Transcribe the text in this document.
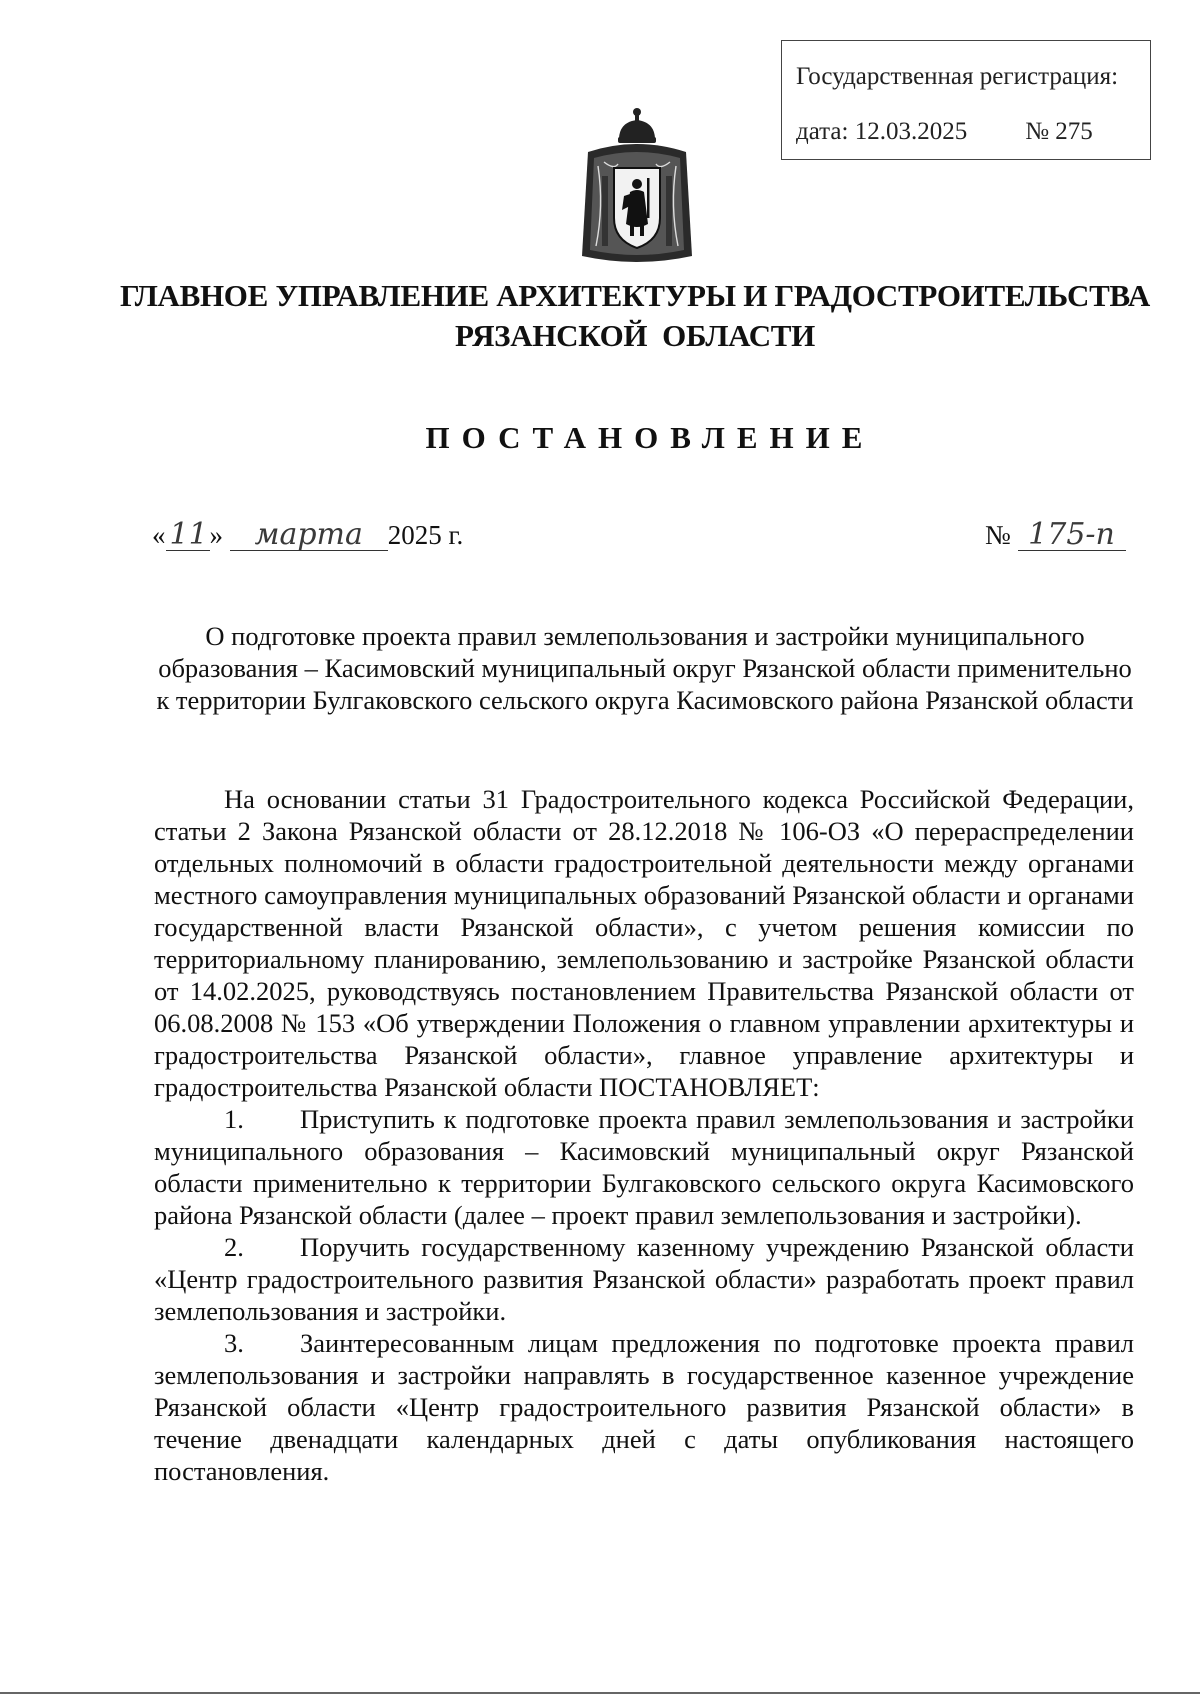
Государственная регистрация:
дата: 12.03.2025 № 275
ГЛАВНОЕ УПРАВЛЕНИЕ АРХИТЕКТУРЫ И ГРАДОСТРОИТЕЛЬСТВА
РЯЗАНСКОЙ  ОБЛАСТИ
ПОСТАНОВЛЕНИЕ
« 11» марта 2025 г.	№ 175-п
О подготовке проекта правил землепользования и застройки муниципального образования – Касимовский муниципальный округ Рязанской области применительно к территории Булгаковского сельского округа Касимовского района Рязанской области

На основании статьи 31 Градостроительного кодекса Российской Федерации, статьи 2 Закона Рязанской области от 28.12.2018 № 106-ОЗ «О перераспределении отдельных полномочий в области градостроительной деятельности между органами местного самоуправления муниципальных образований Рязанской области и органами государственной власти Рязанской области», с учетом решения комиссии по территориальному планированию, землепользованию и застройке Рязанской области от 14.02.2025, руководствуясь постановлением Правительства Рязанской области от 06.08.2008 № 153 «Об утверждении Положения о главном управлении архитектуры и градостроительства Рязанской области», главное управление архитектуры и градостроительства Рязанской области ПОСТАНОВЛЯЕТ:

1. Приступить к подготовке проекта правил землепользования и застройки муниципального образования – Касимовский муниципальный округ Рязанской области применительно к территории Булгаковского сельского округа Касимовского района Рязанской области (далее – проект правил землепользования и застройки).

2. Поручить государственному казенному учреждению Рязанской области «Центр градостроительного развития Рязанской области» разработать проект правил землепользования и застройки.

3. Заинтересованным лицам предложения по подготовке проекта правил землепользования и застройки направлять в государственное казенное учреждение Рязанской области «Центр градостроительного развития Рязанской области» в течение двенадцати календарных дней с даты опубликования настоящего постановления.
